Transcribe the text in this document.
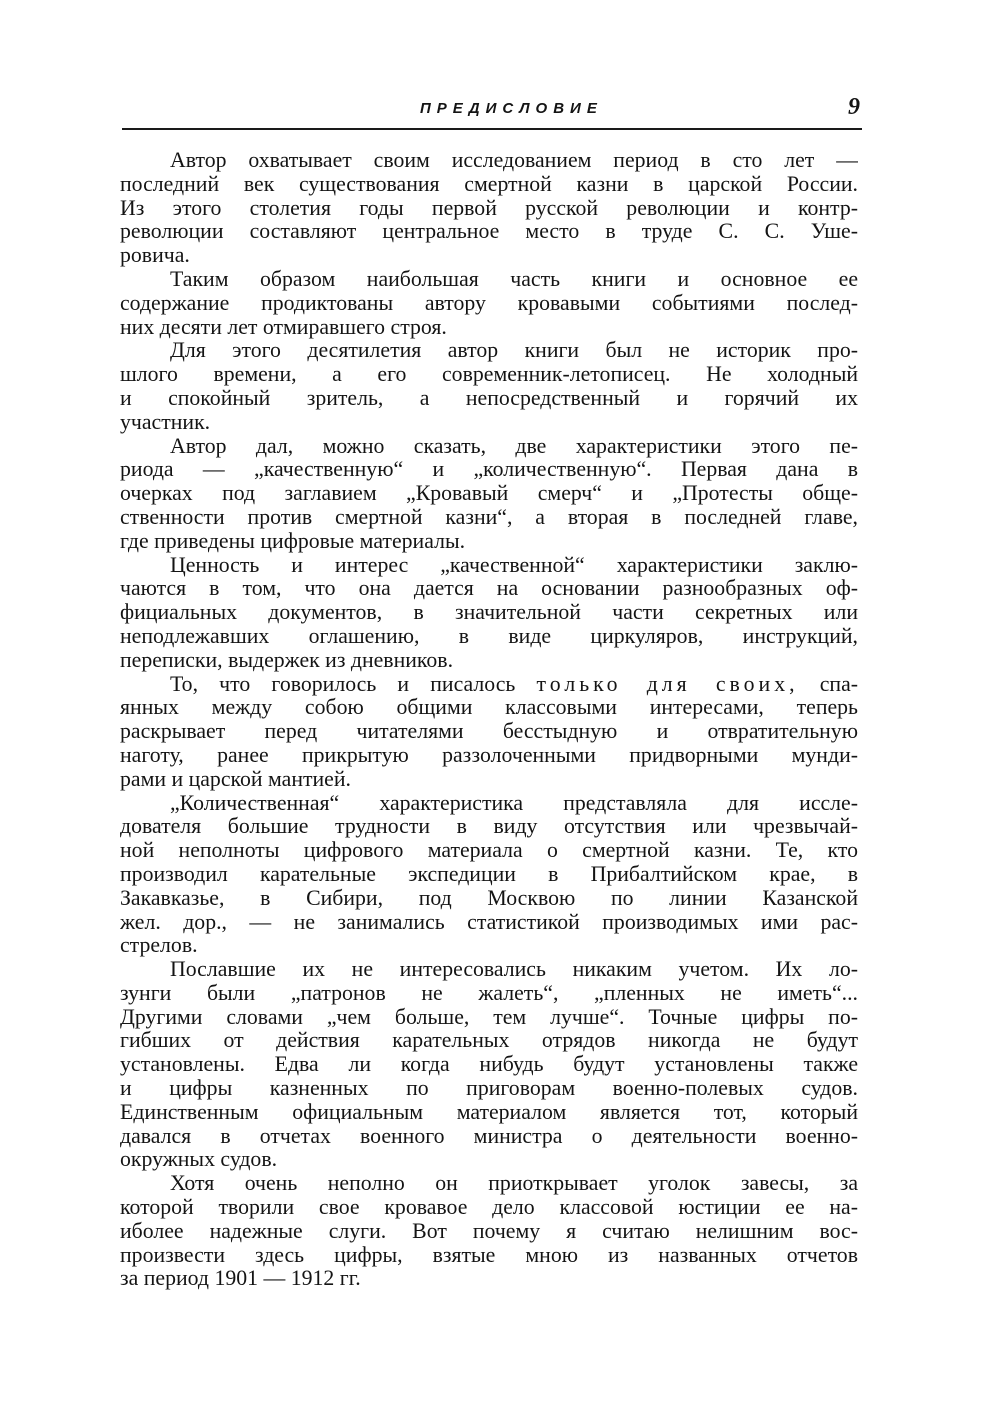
ПРЕДИСЛОВИЕ	9
Автор охватывает своим исследованием период в сто лет —
последний век существования смертной казни в царской России.
Из этого столетия годы первой русской революции и контр-
революции составляют центральное место в труде С. С. Уше-
ровича.
Таким образом наибольшая часть книги и основное ее
содержание продиктованы автору кровавыми событиями послед-
них десяти лет отмиравшего строя.
Для этого десятилетия автор книги был не историк про-
шлого времени, а его современник-летописец. Не холодный
и спокойный зритель, а непосредственный и горячий их
участник.
Автор дал, можно сказать, две характеристики этого пе-
риода — „качественную“ и „количественную“. Первая дана в
очерках под заглавием „Кровавый смерч“ и „Протесты обще-
ственности против смертной казни“, а вторая в последней главе,
где приведены цифровые материалы.
Ценность и интерес „качественной“ характеристики заклю-
чаются в том, что она дается на основании разнообразных оф-
фициальных документов, в значительной части секретных или
неподлежавших оглашению, в виде циркуляров, инструкций,
переписки, выдержек из дневников.
То, что говорилось и писалось только для своих, спа-
янных между собою общими классовыми интересами, теперь
раскрывает перед читателями бесстыдную и отвратительную
наготу, ранее прикрытую раззолоченными придворными мунди-
рами и царской мантией.
„Количественная“ характеристика представляла для иссле-
дователя большие трудности в виду отсутствия или чрезвычай-
ной неполноты цифрового материала о смертной казни. Те, кто
производил карательные экспедиции в Прибалтийском крае, в
Закавказье, в Сибири, под Москвою по линии Казанской
жел. дор., — не занимались статистикой производимых ими рас-
стрелов.
Пославшие их не интересовались никаким учетом. Их ло-
зунги были „патронов не жалеть“, „пленных не иметь“...
Другими словами „чем больше, тем лучше“. Точные цифры по-
гибших от действия карательных отрядов никогда не будут
установлены. Едва ли когда нибудь будут установлены также
и цифры казненных по приговорам военно-полевых судов.
Единственным официальным материалом является тот, который
давался в отчетах военного министра о деятельности военно-
окружных судов.
Хотя очень неполно он приоткрывает уголок завесы, за
которой творили свое кровавое дело классовой юстиции ее на-
иболее надежные слуги. Вот почему я считаю нелишним вос-
произвести здесь цифры, взятые мною из названных отчетов
за период 1901 — 1912 гг.
